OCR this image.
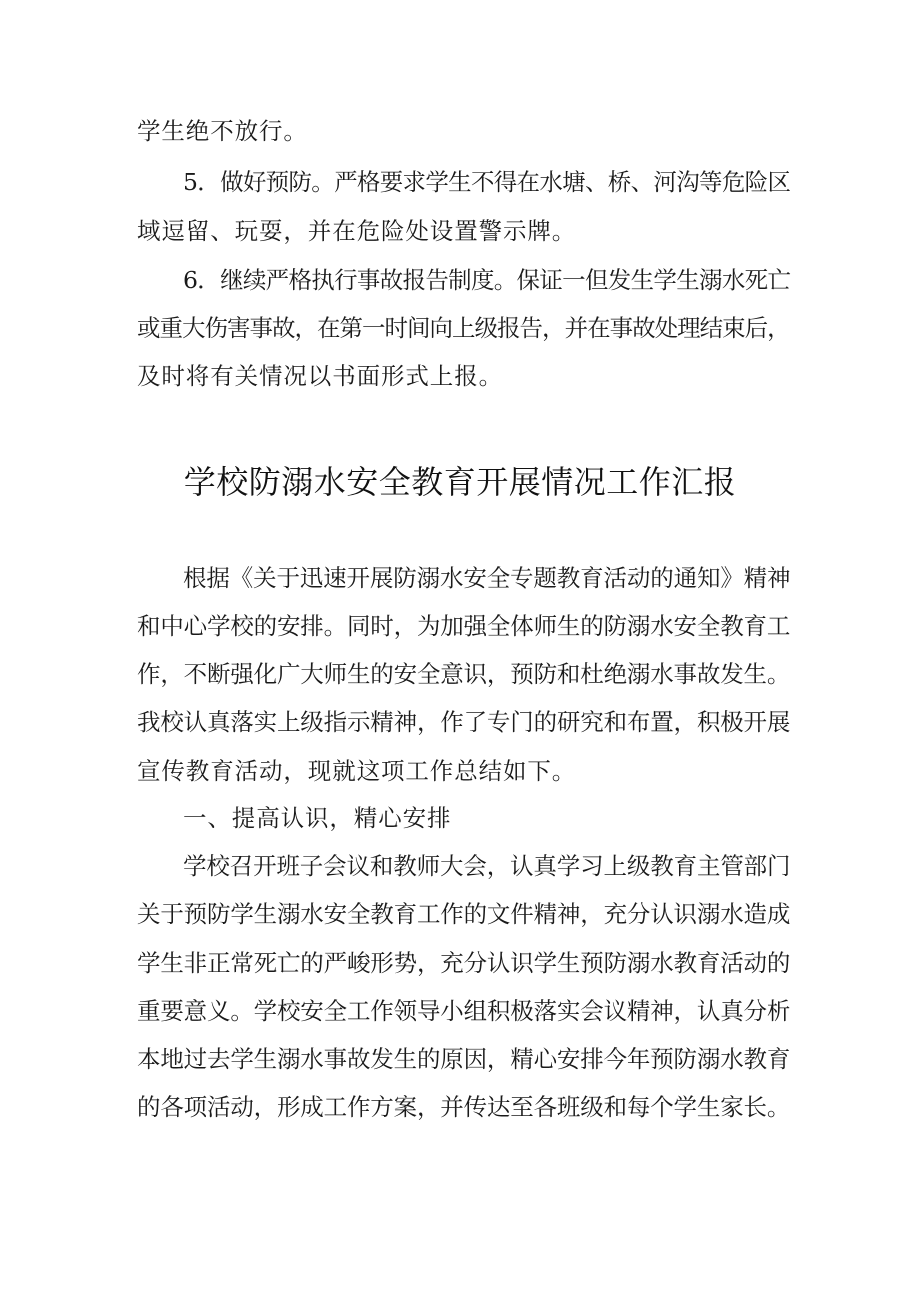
学生绝不放行。
5．做好预防。严格要求学生不得在水塘、桥、河沟等危险区
域逗留、玩耍，并在危险处设置警示牌。
6．继续严格执行事故报告制度。保证一但发生学生溺水死亡
或重大伤害事故，在第一时间向上级报告，并在事故处理结束后，
及时将有关情况以书面形式上报。
学校防溺水安全教育开展情况工作汇报
根据《关于迅速开展防溺水安全专题教育活动的通知》精神
和中心学校的安排。同时，为加强全体师生的防溺水安全教育工
作，不断强化广大师生的安全意识，预防和杜绝溺水事故发生。
我校认真落实上级指示精神，作了专门的研究和布置，积极开展
宣传教育活动，现就这项工作总结如下。
一、提高认识，精心安排
学校召开班子会议和教师大会，认真学习上级教育主管部门
关于预防学生溺水安全教育工作的文件精神，充分认识溺水造成
学生非正常死亡的严峻形势，充分认识学生预防溺水教育活动的
重要意义。学校安全工作领导小组积极落实会议精神，认真分析
本地过去学生溺水事故发生的原因，精心安排今年预防溺水教育
的各项活动，形成工作方案，并传达至各班级和每个学生家长。
